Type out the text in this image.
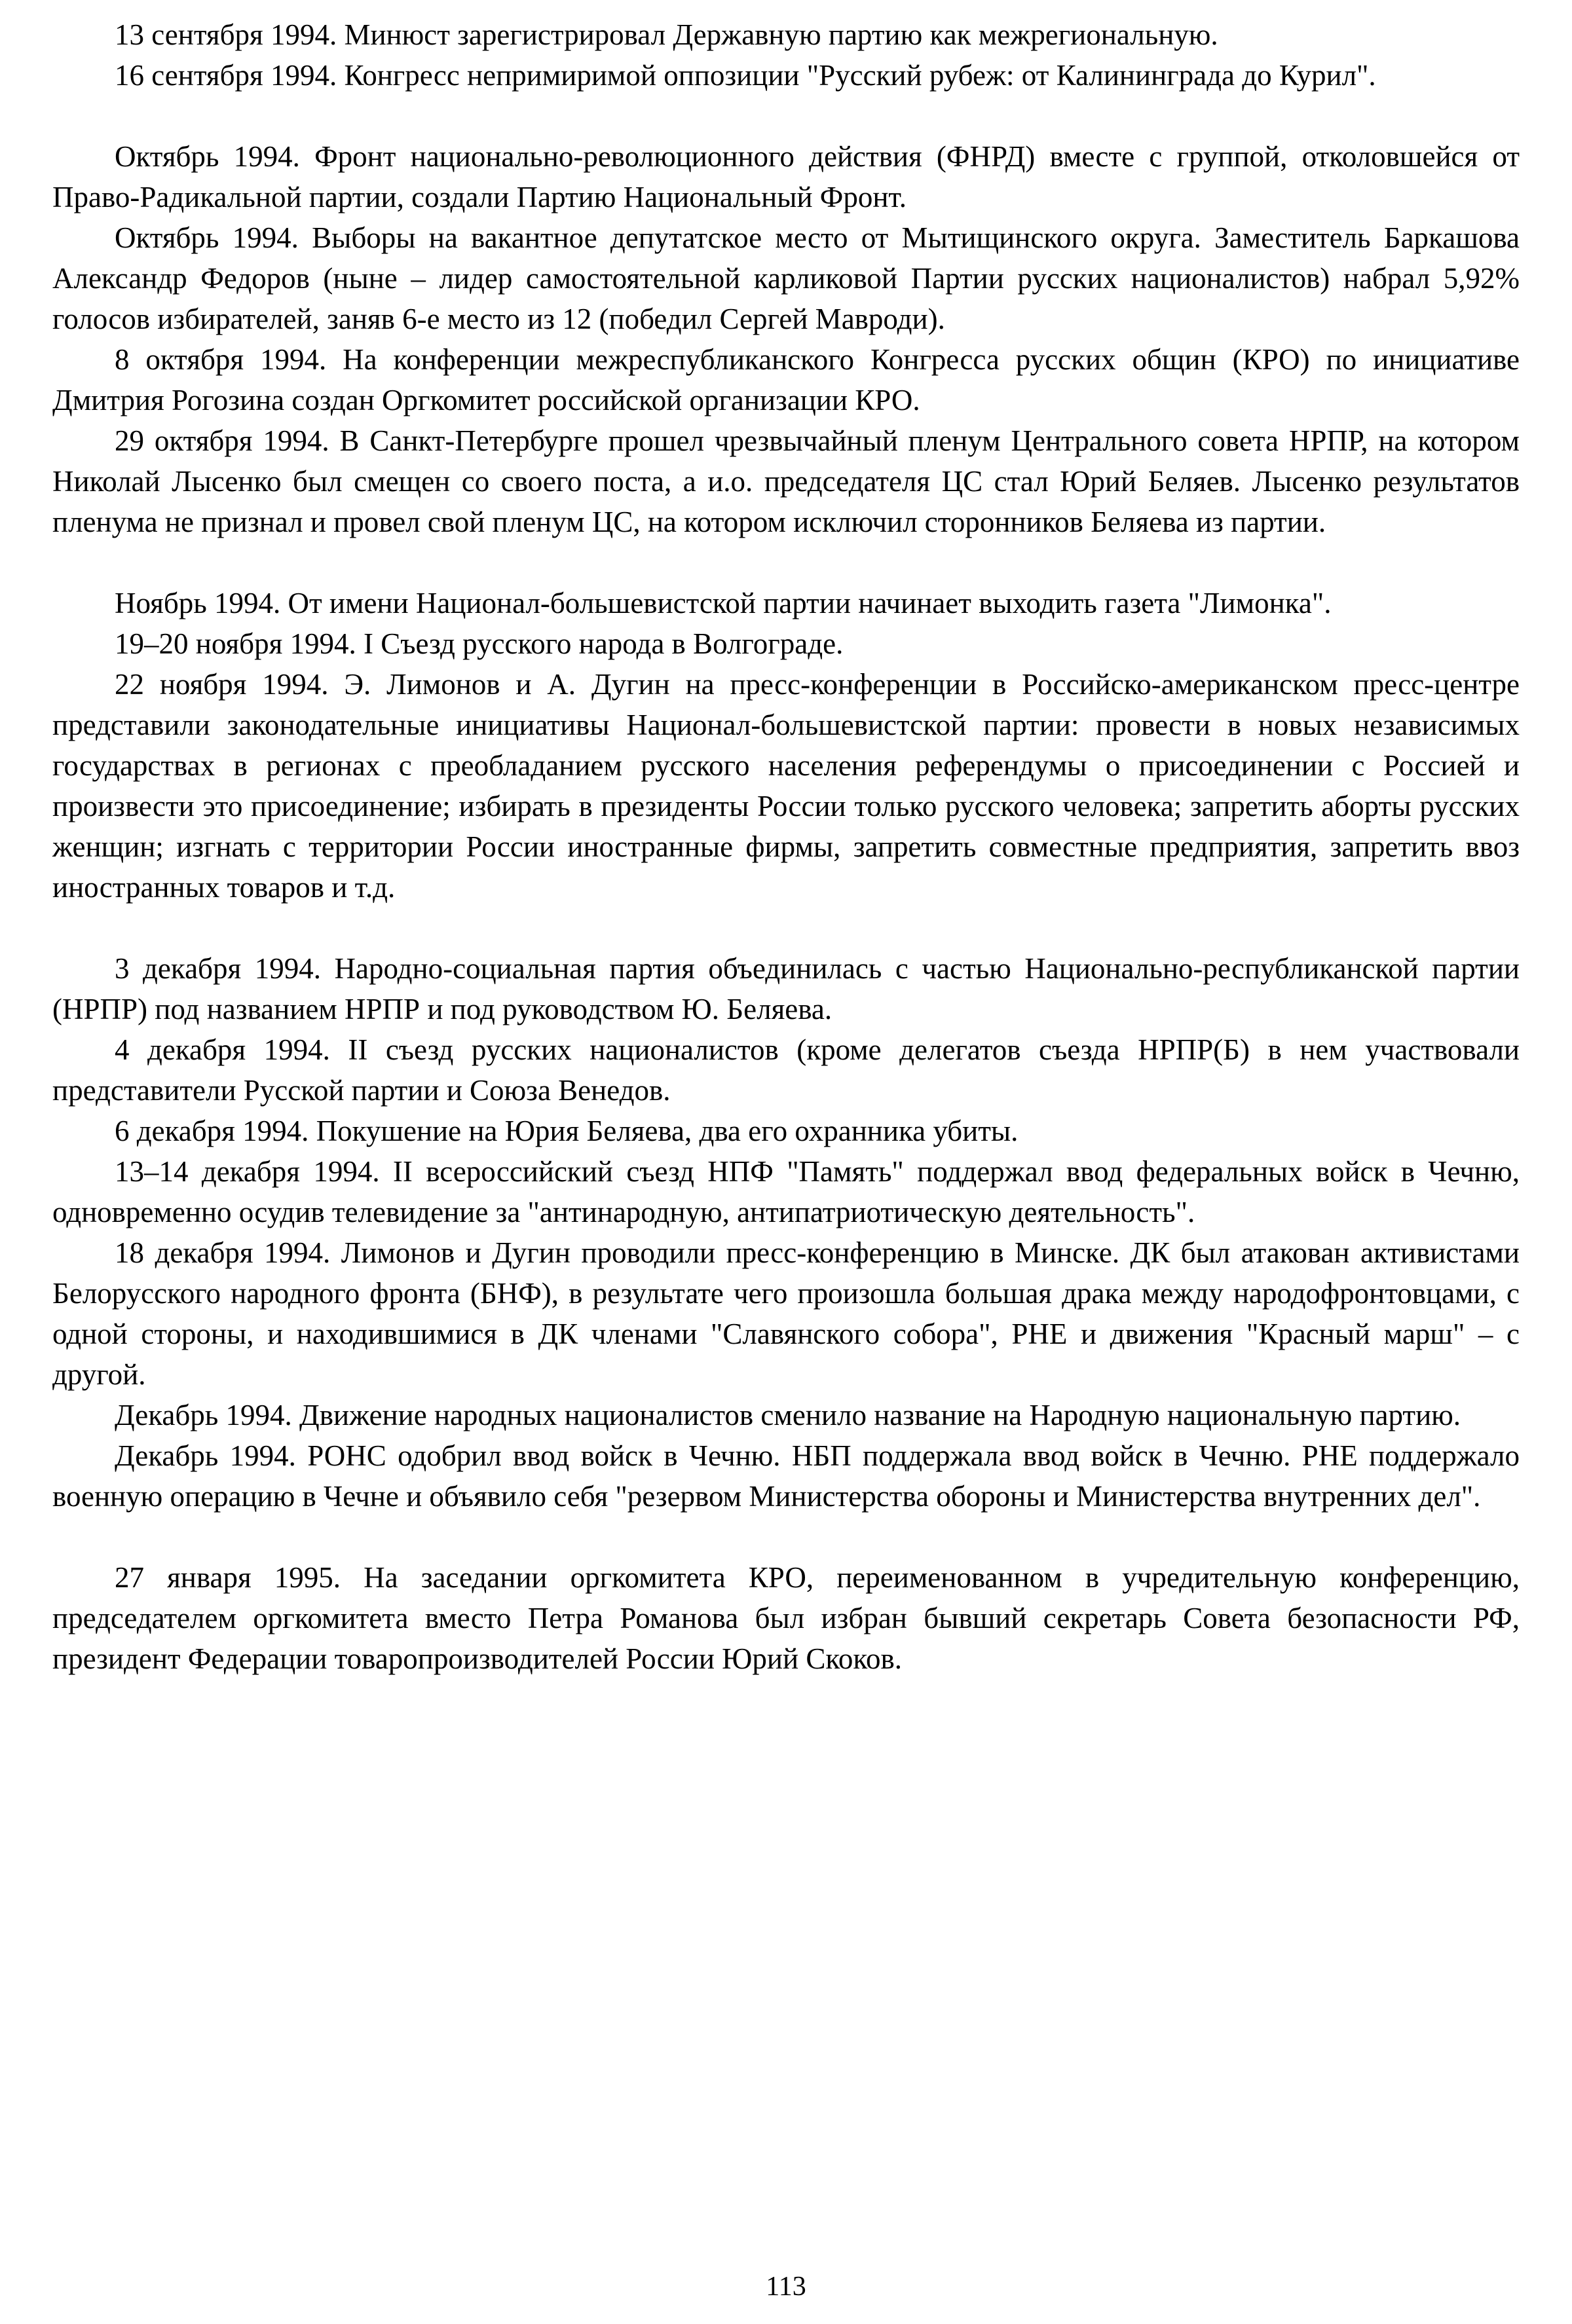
13 сентября 1994. Минюст зарегистрировал Державную партию как межрегиональную.

16 сентября 1994. Конгресс непримиримой оппозиции "Русский рубеж: от Калининграда до Курил".

Октябрь 1994. Фронт национально-революционного действия (ФНРД) вместе с группой, отколовшейся от Право-Радикальной партии, создали Партию Национальный Фронт.

Октябрь 1994. Выборы на вакантное депутатское место от Мытищинского округа. Заместитель Баркашова Александр Федоров (ныне – лидер самостоятельной карликовой Партии русских националистов) набрал 5,92% голосов избирателей, заняв 6-е место из 12 (победил Сергей Мавроди).

8 октября 1994. На конференции межреспубликанского Конгресса русских общин (КРО) по инициативе Дмитрия Рогозина создан Оргкомитет российской организации КРО.

29 октября 1994. В Санкт-Петербурге прошел чрезвычайный пленум Центрального совета НРПР, на котором Николай Лысенко был смещен со своего поста, а и.о. председателя ЦС стал Юрий Беляев. Лысенко результатов пленума не признал и провел свой пленум ЦС, на котором исключил сторонников Беляева из партии.

Ноябрь 1994. От имени Национал-большевистской партии начинает выходить газета "Лимонка".

19–20 ноября 1994. I Съезд русского народа в Волгограде.

22 ноября 1994. Э. Лимонов и А. Дугин на пресс-конференции в Российско-американском пресс-центре представили законодательные инициативы Национал-большевистской партии: провести в новых независимых государствах в регионах с преобладанием русского населения референдумы о присоединении с Россией и произвести это присоединение; избирать в президенты России только русского человека; запретить аборты русских женщин; изгнать с территории России иностранные фирмы, запретить совместные предприятия, запретить ввоз иностранных товаров и т.д.

3 декабря 1994. Народно-социальная партия объединилась с частью Национально-республиканской партии (НРПР) под названием НРПР и под руководством Ю. Беляева.

4 декабря 1994. II съезд русских националистов (кроме делегатов съезда НРПР(Б) в нем участвовали представители Русской партии и Союза Венедов.

6 декабря 1994. Покушение на Юрия Беляева, два его охранника убиты.

13–14 декабря 1994. II всероссийский съезд НПФ "Память" поддержал ввод федеральных войск в Чечню, одновременно осудив телевидение за "антинародную, антипатриотическую деятельность".

18 декабря 1994. Лимонов и Дугин проводили пресс-конференцию в Минске. ДК был атакован активистами Белорусского народного фронта (БНФ), в результате чего произошла большая драка между народофронтовцами, с одной стороны, и находившимися в ДК членами "Славянского собора", РНЕ и движения "Красный марш" – с другой.

Декабрь 1994. Движение народных националистов сменило название на Народную национальную партию.

Декабрь 1994. РОНС одобрил ввод войск в Чечню. НБП поддержала ввод войск в Чечню. РНЕ поддержало военную операцию в Чечне и объявило себя "резервом Министерства обороны и Министерства внутренних дел".

27 января 1995. На заседании оргкомитета КРО, переименованном в учредительную конференцию, председателем оргкомитета вместо Петра Романова был избран бывший секретарь Совета безопасности РФ, президент Федерации товаропроизводителей России Юрий Скоков.

113
